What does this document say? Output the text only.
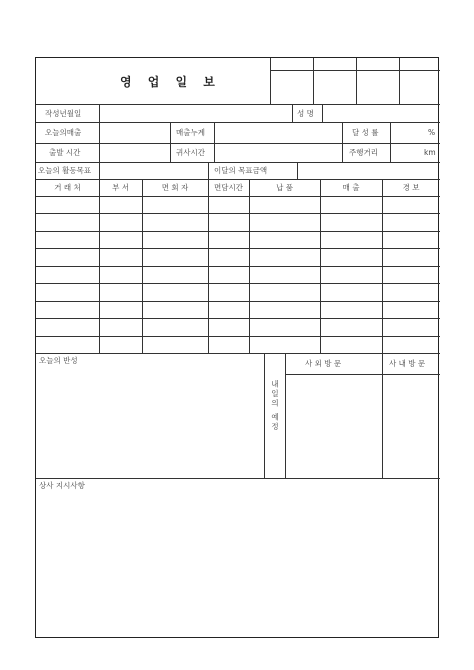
영 업 일 보
작성년월일	성 명
오늘의매출	매출누계	달 성 률	%
출발 시간	귀사시간	주행거리	km
오늘의 활동목표	이달의 목표금액
거 래 처	부 서	면 회 자	면담시간	납 품	매 출	경 보
오늘의 반성
내일의 예정
사 외 방 문	사 내 방 문
상사 지시사항
